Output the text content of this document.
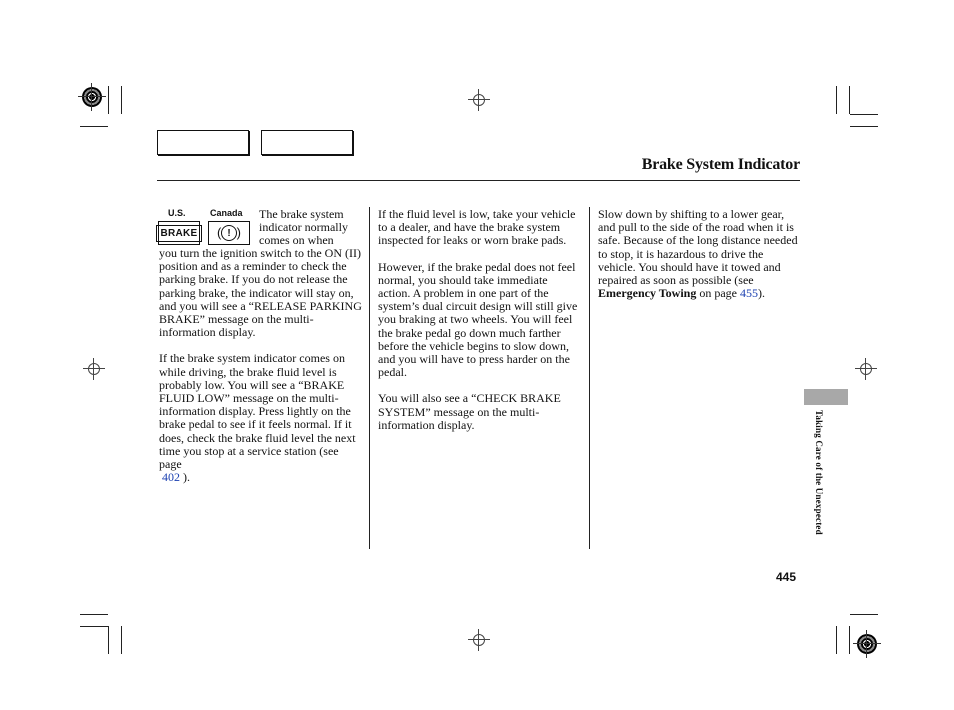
Brake System Indicator
U.S.	Canada
BRAKE
(	! )
The brake system indicator normally comes on when

you turn the ignition switch to the ON (II) position and as a reminder to check the parking brake. If you do not release the parking brake, the indicator will stay on, and you will see a “RELEASE PARKING BRAKE” message on the multi-information display.

If the brake system indicator comes on while driving, the brake fluid level is probably low. You will see a “BRAKE FLUID LOW” message on the multi-information display. Press lightly on the brake pedal to see if it feels normal. If it does, check the brake fluid level the next time you stop at a service station (see page
402 ).

If the fluid level is low, take your vehicle to a dealer, and have the brake system inspected for leaks or worn brake pads.

However, if the brake pedal does not feel normal, you should take immediate action. A problem in one part of the system’s dual circuit design will still give you braking at two wheels. You will feel the brake pedal go down much farther before the vehicle begins to slow down, and you will have to press harder on the pedal.

You will also see a “CHECK BRAKE SYSTEM” message on the multi-information display.

Slow down by shifting to a lower gear, and pull to the side of the road when it is safe. Because of the long distance needed to stop, it is hazardous to drive the vehicle. You should have it towed and repaired as soon as possible (see Emergency Towing on page 455).

Taking Care of the Unexpected
445
